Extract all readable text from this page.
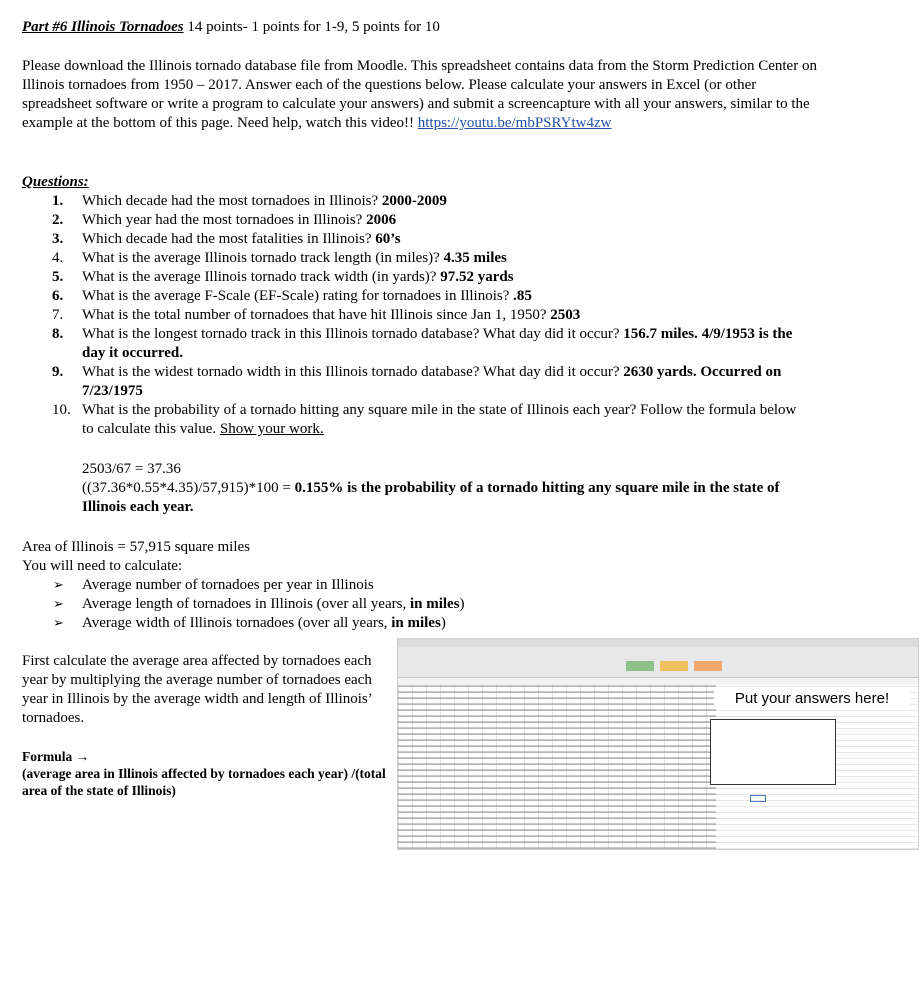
Part #6 Illinois Tornadoes 14 points- 1 points for 1-9, 5 points for 10
Please download the Illinois tornado database file from Moodle. This spreadsheet contains data from the Storm Prediction Center on Illinois tornadoes from 1950 – 2017. Answer each of the questions below. Please calculate your answers in Excel (or other spreadsheet software or write a program to calculate your answers) and submit a screencapture with all your answers, similar to the example at the bottom of this page. Need help, watch this video!! https://youtu.be/mbPSRYtw4zw
Questions:
1.	Which decade had the most tornadoes in Illinois? 2000-2009
2.	Which year had the most tornadoes in Illinois? 2006
3.	Which decade had the most fatalities in Illinois? 60’s
4.	What is the average Illinois tornado track length (in miles)? 4.35 miles
5.	What is the average Illinois tornado track width (in yards)? 97.52 yards
6.	What is the average F-Scale (EF-Scale) rating for tornadoes in Illinois? .85
7.	What is the total number of tornadoes that have hit Illinois since Jan 1, 1950? 2503
8.	What is the longest tornado track in this Illinois tornado database? What day did it occur? 156.7 miles. 4/9/1953 is the day it occurred.
9.	What is the widest tornado width in this Illinois tornado database? What day did it occur? 2630 yards. Occurred on 7/23/1975
10. What is the probability of a tornado hitting any square mile in the state of Illinois each year? Follow the formula below to calculate this value. Show your work.
2503/67 = 37.36
((37.36*0.55*4.35)/57,915)*100 = 0.155% is the probability of a tornado hitting any square mile in the state of Illinois each year.
Area of Illinois = 57,915 square miles
You will need to calculate:
➢ Average number of tornadoes per year in Illinois
➢ Average length of tornadoes in Illinois (over all years, in miles)
➢ Average width of Illinois tornadoes (over all years, in miles)
First calculate the average area affected by tornadoes each year by multiplying the average number of tornadoes each year in Illinois by the average width and length of Illinois’ tornadoes.
Formula →
(average area in Illinois affected by tornadoes each year) /(total area of the state of Illinois)
Put your answers here!
